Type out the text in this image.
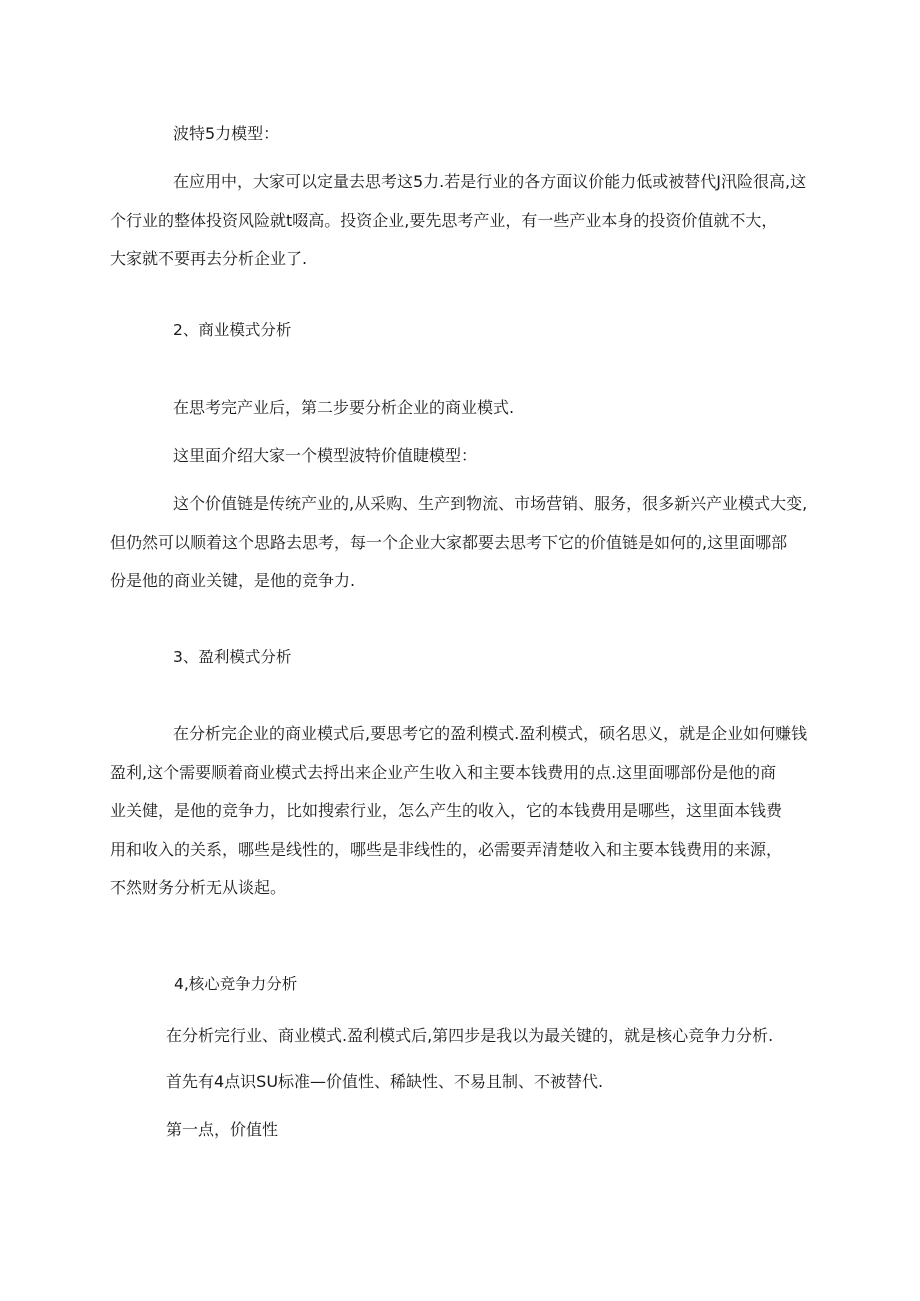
波特5力模型：

在应用中，大家可以定量去思考这5力.若是行业的各方面议价能力低或被替代J汛险很高,这
个行业的整体投资风险就t啜高。投资企业,要先思考产业，有一些产业本身的投资价值就不大，
大家就不要再去分析企业了.

2、商业模式分析

在思考完产业后，第二步要分析企业的商业模式.

这里面介绍大家一个模型波特价值睫模型：

这个价值链是传统产业的,从采购、生产到物流、市场营销、服务，很多新兴产业模式大变,
但仍然可以顺着这个思路去思考，每一个企业大家都要去思考下它的价值链是如何的,这里面哪部
份是他的商业关键，是他的竞争力.

3、盈利模式分析

在分析完企业的商业模式后,要思考它的盈利模式.盈利模式，硕名思义，就是企业如何赚钱
盈利,这个需要顺着商业模式去捋出来企业产生收入和主要本钱费用的点.这里面哪部份是他的商
业关健，是他的竞争力，比如搜索行业，怎么产生的收入，它的本钱费用是哪些，这里面本钱费
用和收入的关系，哪些是线性的，哪些是非线性的，必需要弄清楚收入和主要本钱费用的来源，
不然财务分析无从谈起。

4,核心竞争力分析

在分析完行业、商业模式.盈利模式后,第四步是我以为最关键的，就是核心竞争力分析.

首先有4点识SU标准—价值性、稀缺性、不易且制、不被替代.

第一点，价值性
